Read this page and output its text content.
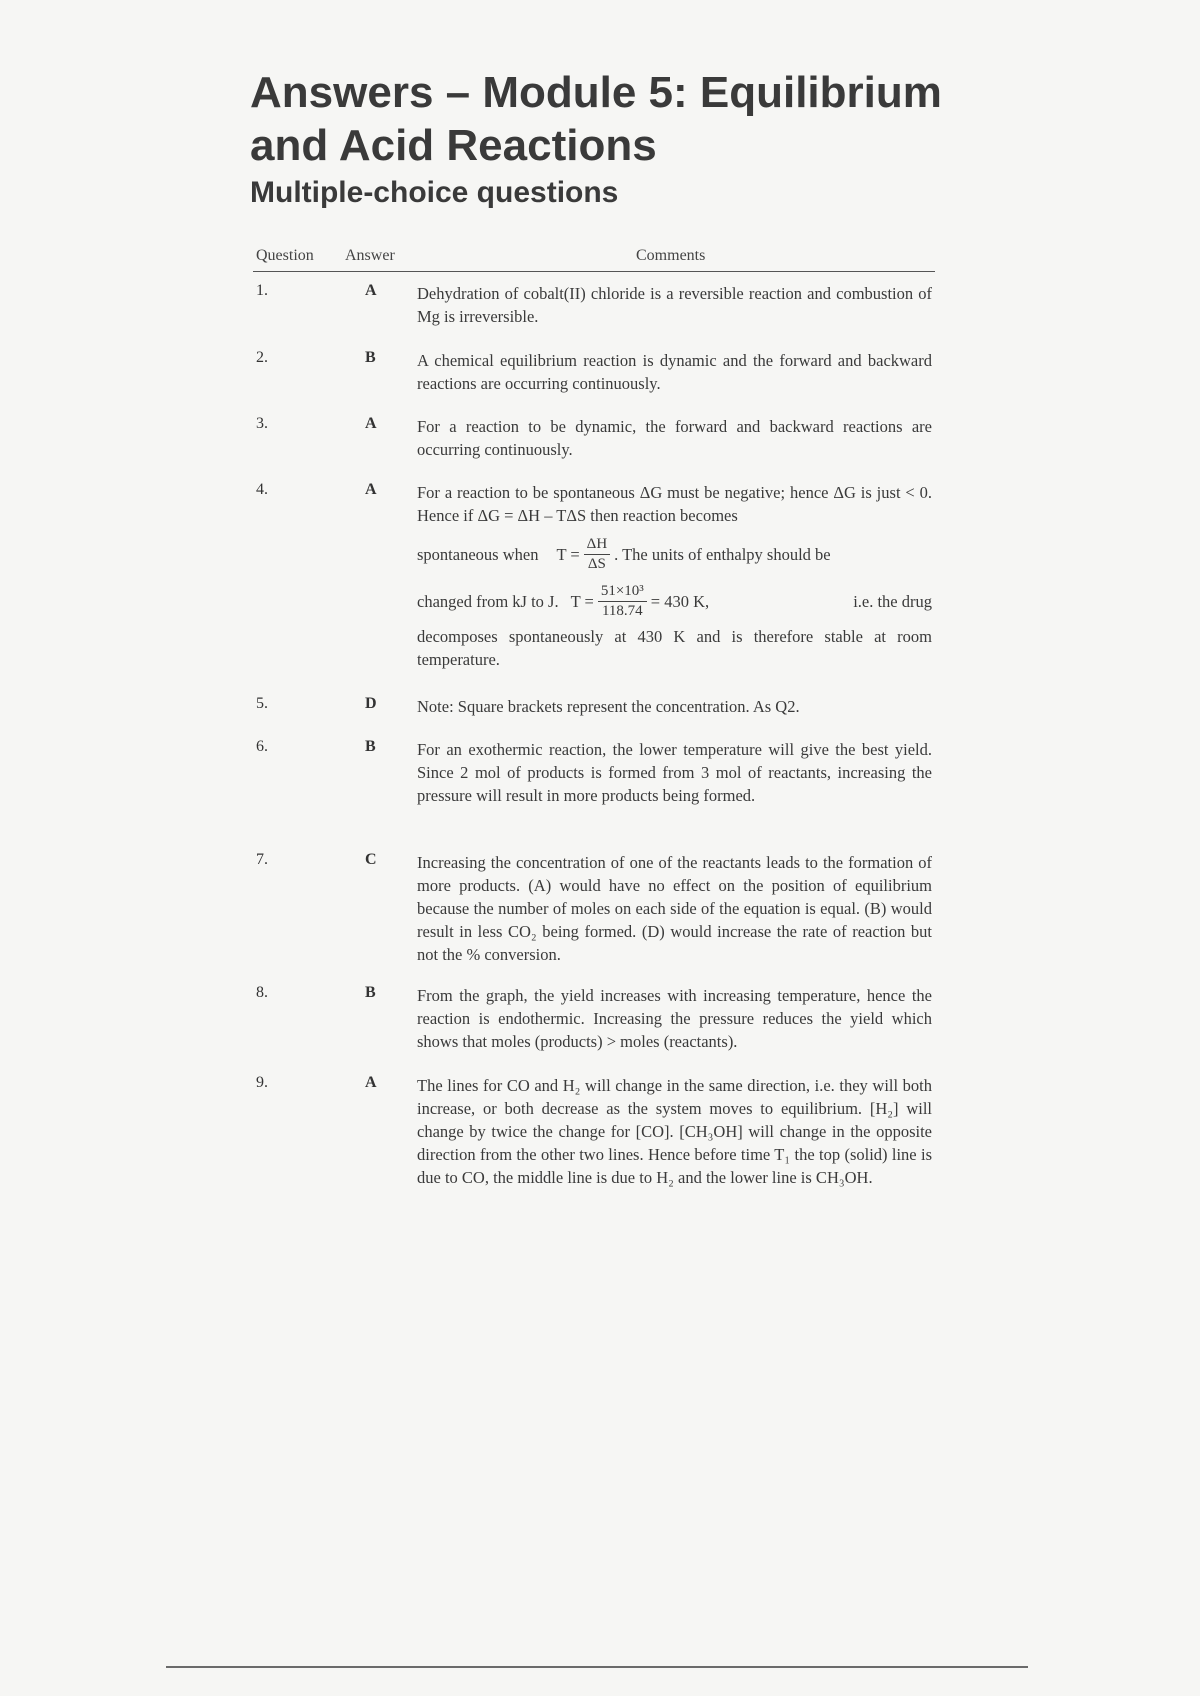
Answers – Module 5: Equilibrium and Acid Reactions
Multiple-choice questions
Question Answer	Comments
1.	A Dehydration of cobalt(II) chloride is a reversible reaction and combustion of Mg is irreversible.

2.	B	A chemical equilibrium reaction is dynamic and the forward and backward reactions are occurring continuously.

3.	A For a reaction to be dynamic, the forward and backward reactions are occurring continuously.

4.	A For a reaction to be spontaneous ΔG must be negative; hence ΔG is just < 0. Hence if ΔG = ΔH – TΔS then reaction becomes

spontaneous when $T = \frac{\Delta H}{\Delta S}$ . The units of enthalpy should be
changed from kJ to J. $T = \frac{\text{51×10³}}{118.74} = 430$ K,	i.e. the drug

decomposes spontaneously at 430 K and is therefore stable at room temperature.

5.	D Note: Square brackets represent the concentration. As Q2.

6.	B	For an exothermic reaction, the lower temperature will give the best yield. Since 2 mol of products is formed from 3 mol of reactants, increasing the pressure will result in more products being formed.

7.	C Increasing the concentration of one of the reactants leads to the formation of more products. (A) would have no effect on the position of equilibrium because the number of moles on each side of the equation is equal. (B) would result in less CO₂ being formed. (D) would increase the rate of reaction but not the % conversion.

8.	B	From the graph, the yield increases with increasing temperature, hence the reaction is endothermic. Increasing the pressure reduces the yield which shows that moles (products) > moles (reactants).

9.	A The lines for CO and H₂ will change in the same direction, i.e. they will both increase, or both decrease as the system moves to equilibrium. [H₂] will change by twice the change for [CO]. [CH₃OH] will change in the opposite direction from the other two lines. Hence before time T₁ the top (solid) line is due to CO, the middle line is due to H₂ and the lower line is CH₃OH.
